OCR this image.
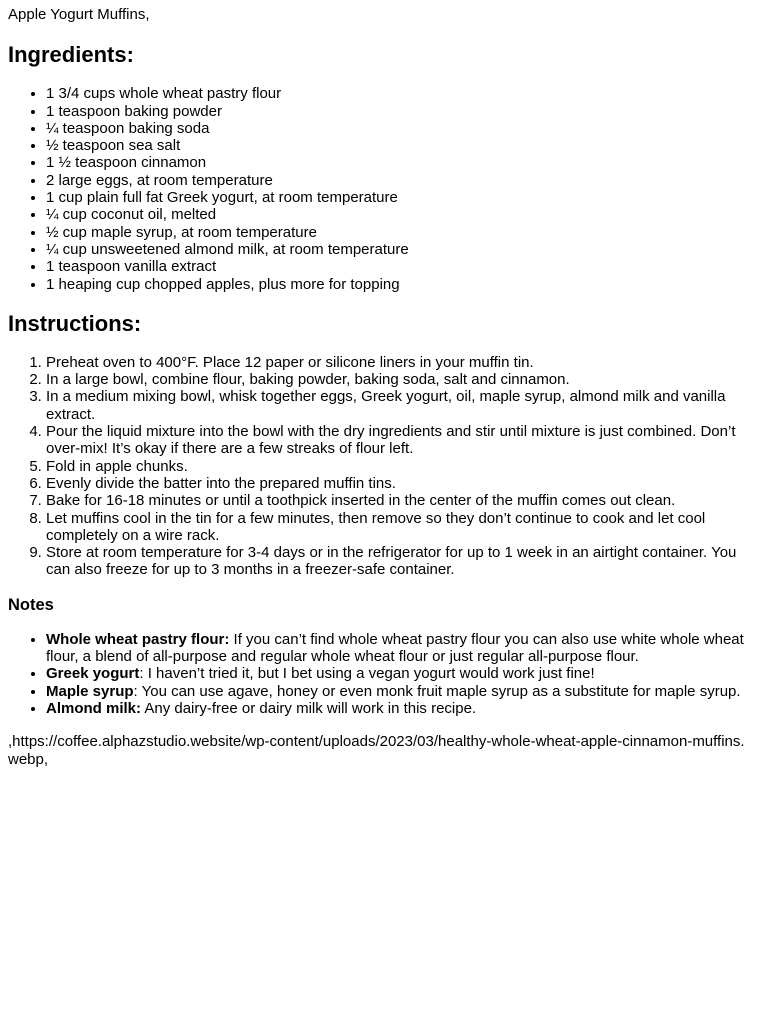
Apple Yogurt Muffins,

Ingredients:
• 1 3/4 cups whole wheat pastry flour
• 1 teaspoon baking powder
• ¼ teaspoon baking soda
• ½ teaspoon sea salt
• 1 ½ teaspoon cinnamon
• 2 large eggs, at room temperature
• 1 cup plain full fat Greek yogurt, at room temperature
• ¼ cup coconut oil, melted
• ½ cup maple syrup, at room temperature
• ¼ cup unsweetened almond milk, at room temperature
• 1 teaspoon vanilla extract
• 1 heaping cup chopped apples, plus more for topping
Instructions:
1. Preheat oven to 400°F. Place 12 paper or silicone liners in your muffin tin.
2. In a large bowl, combine flour, baking powder, baking soda, salt and cinnamon.
3. In a medium mixing bowl, whisk together eggs, Greek yogurt, oil, maple syrup, almond milk and vanilla extract.
4. Pour the liquid mixture into the bowl with the dry ingredients and stir until mixture is just combined. Don’t over-mix! It’s okay if there are a few streaks of flour left.
5. Fold in apple chunks.
6. Evenly divide the batter into the prepared muffin tins.
7. Bake for 16-18 minutes or until a toothpick inserted in the center of the muffin comes out clean.
8. Let muffins cool in the tin for a few minutes, then remove so they don’t continue to cook and let cool completely on a wire rack.
9. Store at room temperature for 3-4 days or in the refrigerator for up to 1 week in an airtight container. You can also freeze for up to 3 months in a freezer-safe container.
Notes
• Whole wheat pastry flour: If you can’t find whole wheat pastry flour you can also use white whole wheat flour, a blend of all-purpose and regular whole wheat flour or just regular all-purpose flour.
• Greek yogurt: I haven’t tried it, but I bet using a vegan yogurt would work just fine!
• Maple syrup: You can use agave, honey or even monk fruit maple syrup as a substitute for maple syrup.
• Almond milk: Any dairy-free or dairy milk will work in this recipe.

,https://coffee.alphazstudio.website/wp-content/uploads/2023/03/healthy-whole-wheat-apple-cinnamon-muffins.webp,
